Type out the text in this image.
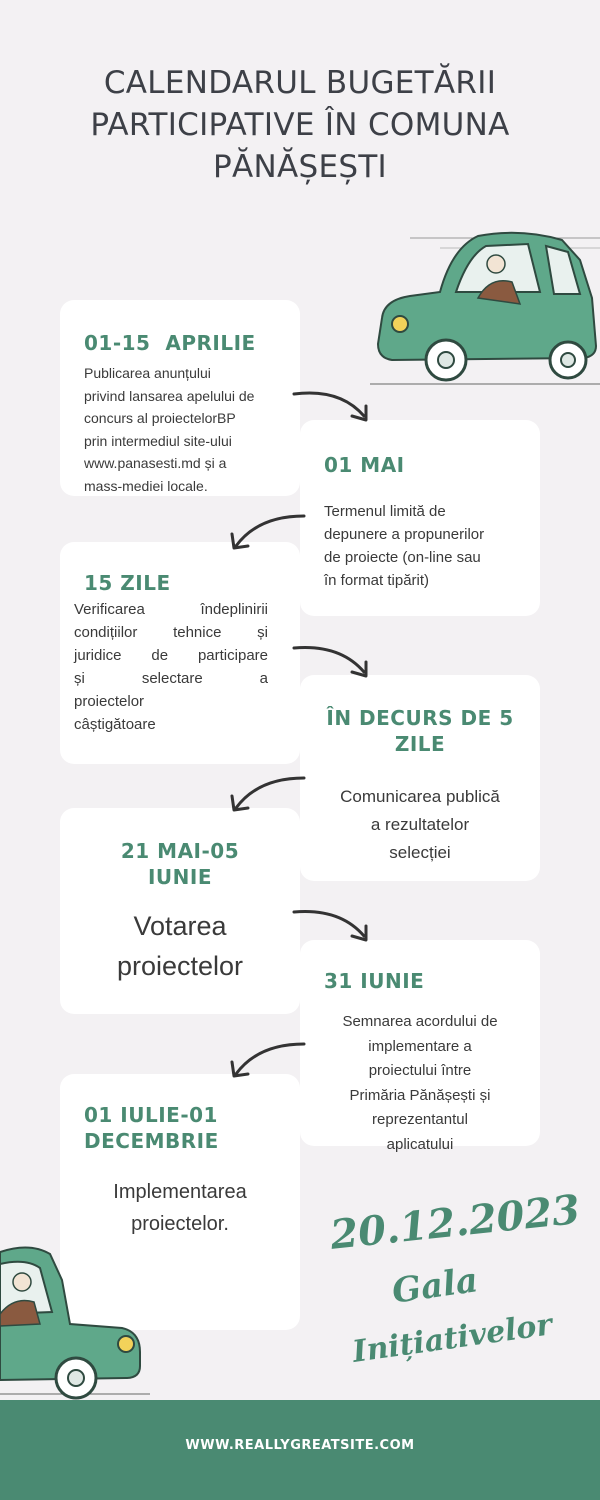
CALENDARUL BUGETĂRII
PARTICIPATIVE ÎN COMUNA
PĂNĂȘEȘTI
01-15  APRILIE
Publicarea anunțului
privind lansarea apelului de
concurs al proiectelorBP
prin intermediul site-ului
www.panasesti.md și a
mass-mediei locale.
01 MAI
Termenul limită de
depunere a propunerilor
de proiecte (on-line sau
în format tipărit)
15 ZILE
Verificarea îndeplinirii
condițiilor tehnice și
juridice de participare
și selectare a
proiectelor
câștigătoare	ÎN DECURS DE 5
ZILE
Comunicarea publică
a rezultatelor
selecției
21 MAI-05
IUNIE
Votarea
proiectelor	31 IUNIE
Semnarea acordului de
implementare a
proiectului între
Primăria Pănășești și
reprezentantul
aplicatului
01 IULIE-01
DECEMBRIE
Implementarea
proiectelor.	20.12.2023
Gala
Inițiativelor
WWW.REALLYGREATSITE.COM
